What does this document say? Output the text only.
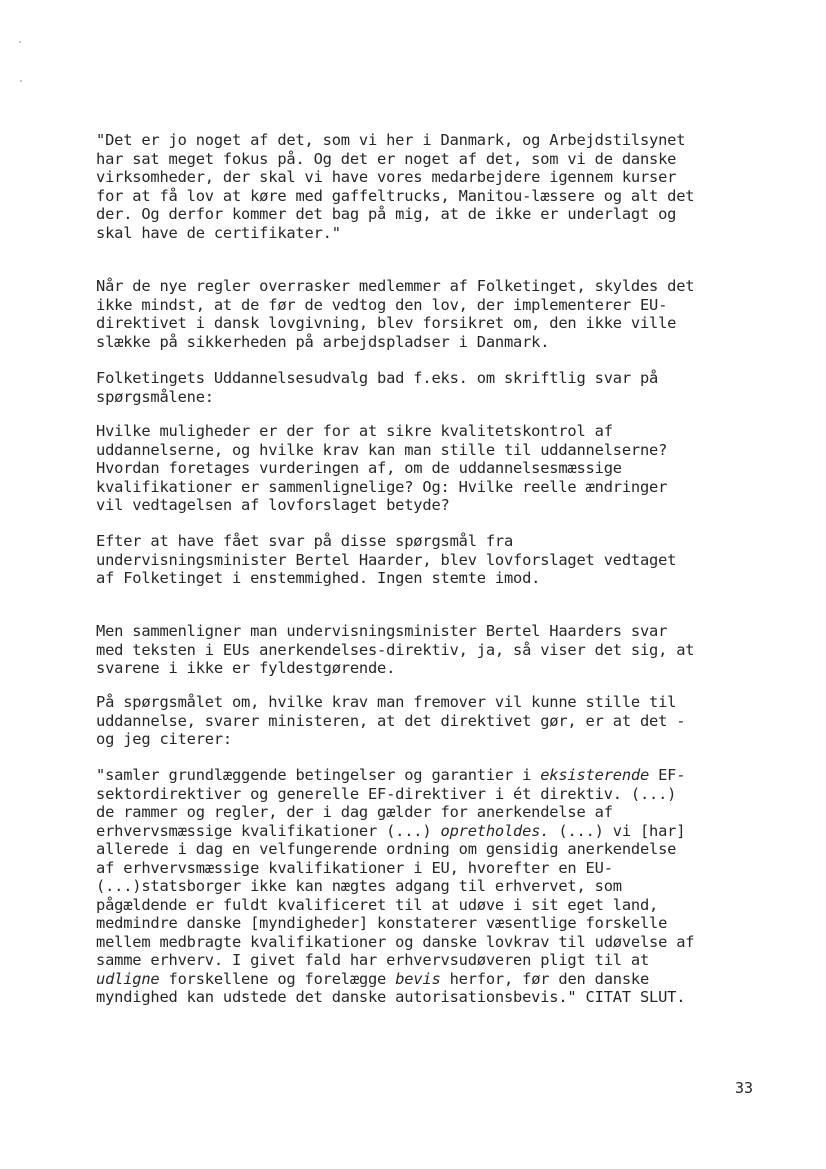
"Det er jo noget af det, som vi her i Danmark, og Arbejdstilsynet
har sat meget fokus på. Og det er noget af det, som vi de danske
virksomheder, der skal vi have vores medarbejdere igennem kurser
for at få lov at køre med gaffeltrucks, Manitou-læssere og alt det
der. Og derfor kommer det bag på mig, at de ikke er underlagt og
skal have de certifikater."

Når de nye regler overrasker medlemmer af Folketinget, skyldes det
ikke mindst, at de før de vedtog den lov, der implementerer EU-
direktivet i dansk lovgivning, blev forsikret om, den ikke ville
slække på sikkerheden på arbejdspladser i Danmark.

Folketingets Uddannelsesudvalg bad f.eks. om skriftlig svar på
spørgsmålene:

Hvilke muligheder er der for at sikre kvalitetskontrol af
uddannelserne, og hvilke krav kan man stille til uddannelserne?
Hvordan foretages vurderingen af, om de uddannelsesmæssige
kvalifikationer er sammenlignelige? Og: Hvilke reelle ændringer
vil vedtagelsen af lovforslaget betyde?

Efter at have fået svar på disse spørgsmål fra
undervisningsminister Bertel Haarder, blev lovforslaget vedtaget
af Folketinget i enstemmighed. Ingen stemte imod.

Men sammenligner man undervisningsminister Bertel Haarders svar
med teksten i EUs anerkendelses-direktiv, ja, så viser det sig, at
svarene i ikke er fyldestgørende.

På spørgsmålet om, hvilke krav man fremover vil kunne stille til
uddannelse, svarer ministeren, at det direktivet gør, er at det -
og jeg citerer:

"samler grundlæggende betingelser og garantier i eksisterende EF-
sektordirektiver og generelle EF-direktiver i ét direktiv. (...)
de rammer og regler, der i dag gælder for anerkendelse af
erhvervsmæssige kvalifikationer (...) opretholdes. (...) vi [har]
allerede i dag en velfungerende ordning om gensidig anerkendelse
af erhvervsmæssige kvalifikationer i EU, hvorefter en EU-
(...)statsborger ikke kan nægtes adgang til erhvervet, som
pågældende er fuldt kvalificeret til at udøve i sit eget land,
medmindre danske [myndigheder] konstaterer væsentlige forskelle
mellem medbragte kvalifikationer og danske lovkrav til udøvelse af
samme erhverv. I givet fald har erhvervsudøveren pligt til at
udligne forskellene og forelægge bevis herfor, før den danske
myndighed kan udstede det danske autorisationsbevis." CITAT SLUT.

33
